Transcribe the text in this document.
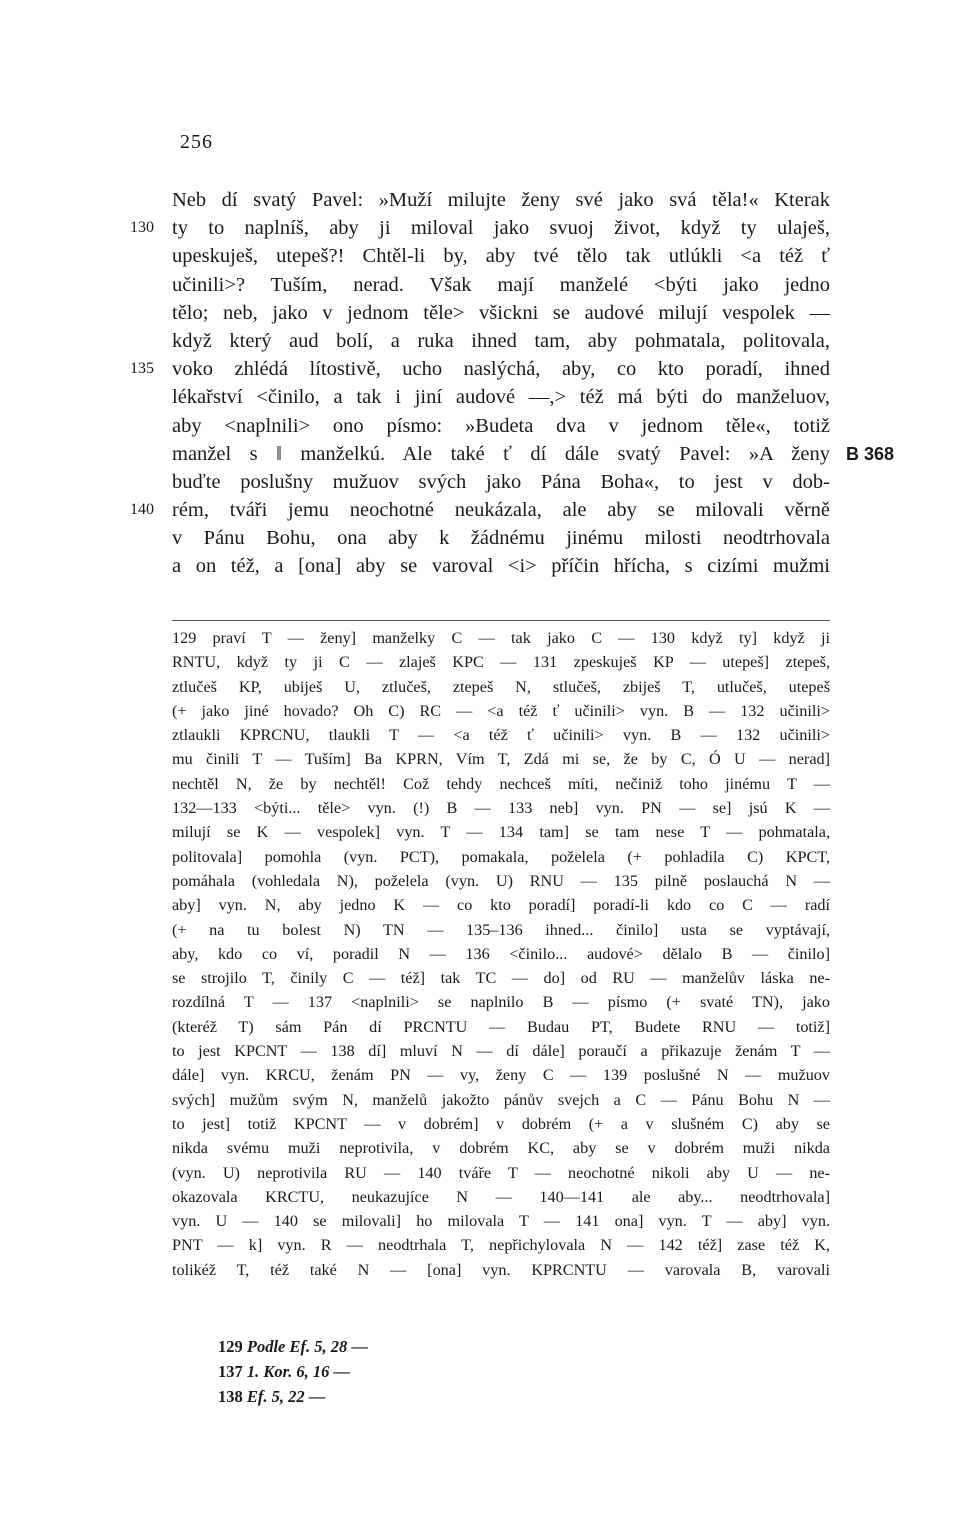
256
Neb dí svatý Pavel: »Muží milujte ženy své jako svá těla!« Kterak
130 ty to naplníš, aby ji miloval jako svuoj život, když ty ulaješ,
upeskuješ, utepeš?! Chtěl-li by, aby tvé tělo tak utlúkli <a též ť
učinili>? Tuším, nerad. Však mají manželé <býti jako jedno
tělo; neb, jako v jednom těle> všickni se audové milují vespolek —
když který aud bolí, a ruka ihned tam, aby pohmatala, politovala,
135 voko zhlédá lítostivě, ucho naslýchá, aby, co kto poradí, ihned
lékařství <činilo, a tak i jiní audové —,> též má býti do manželuov,
aby <naplnili> ono písmo: »Budeta dva v jednom těle«, totiž
manžel s ‖ manželkú. Ale také ť dí dále svatý Pavel: »A ženy B 368
buďte poslušny mužuov svých jako Pána Boha«, to jest v dob-
140 rém, tváři jemu neochotné neukázala, ale aby se milovali věrně
v Pánu Bohu, ona aby k žádnému jinému milosti neodtrhovala
a on též, a [ona] aby se varoval <i> příčin hřícha, s cizími mužmi
129 praví T — ženy] manželky C — tak jako C — 130 když ty] když ji
RNTU, když ty ji C — zlaješ KPC — 131 zpeskuješ KP — utepeš] ztepeš,
ztlučeš KP, ubiješ U, ztlučeš, ztepeš N, stlučeš, zbiješ T, utlučeš, utepeš
(+ jako jiné hovado? Oh C) RC — <a též ť učinili> vyn. B — 132 učinili>
ztlaukli KPRCNU, tlaukli T — <a též ť učinili> vyn. B — 132 učinili>
mu činili T — Tuším] Ba KPRN, Vím T, Zdá mi se, že by C, Ó U — nerad]
nechtěl N, že by nechtěl! Což tehdy nechceš míti, nečiniž toho jinému T —
132—133 <býti... těle> vyn. (!) B — 133 neb] vyn. PN — se] jsú K —
milují se K — vespolek] vyn. T — 134 tam] se tam nese T — pohmatala,
politovala] pomohla (vyn. PCT), pomakala, poželela (+ pohladila C) KPCT,
pomáhala (vohledala N), poželela (vyn. U) RNU — 135 pilně poslauchá N —
aby] vyn. N, aby jedno K — co kto poradí] poradí-li kdo co C — radí
(+ na tu bolest N) TN — 135–136 ihned... činilo] usta se vyptávají,
aby, kdo co ví, poradil N — 136 <činilo... audové> dělalo B — činilo]
se strojilo T, činily C — též] tak TC — do] od RU — manželův láska ne-
rozdílná T — 137 <naplnili> se naplnilo B — písmo (+ svaté TN), jako
(kteréž T) sám Pán dí PRCNTU — Budau PT, Budete RNU — totiž]
to jest KPCNT — 138 dí] mluví N — dí dále] poraučí a přikazuje ženám T —
dále] vyn. KRCU, ženám PN — vy, ženy C — 139 poslušné N — mužuov
svých] mužům svým N, manželů jakožto pánův svejch a C — Pánu Bohu N —
to jest] totiž KPCNT — v dobrém] v dobrém (+ a v slušném C) aby se
nikda svému muži neprotivila, v dobrém KC, aby se v dobrém muži nikda
(vyn. U) neprotivila RU — 140 tváře T — neochotné nikoli aby U — ne-
okazovala KRCTU, neukazujíce N — 140—141 ale aby... neodtrhovala]
vyn. U — 140 se milovali] ho milovala T — 141 ona] vyn. T — aby] vyn.
PNT — k] vyn. R — neodtrhala T, nepřichylovala N — 142 též] zase též K,
tolikéž T, též také N — [ona] vyn. KPRCNTU — varovala B, varovali
129 Podle Ef. 5, 28 —
137 1. Kor. 6, 16 —
138 Ef. 5, 22 —
